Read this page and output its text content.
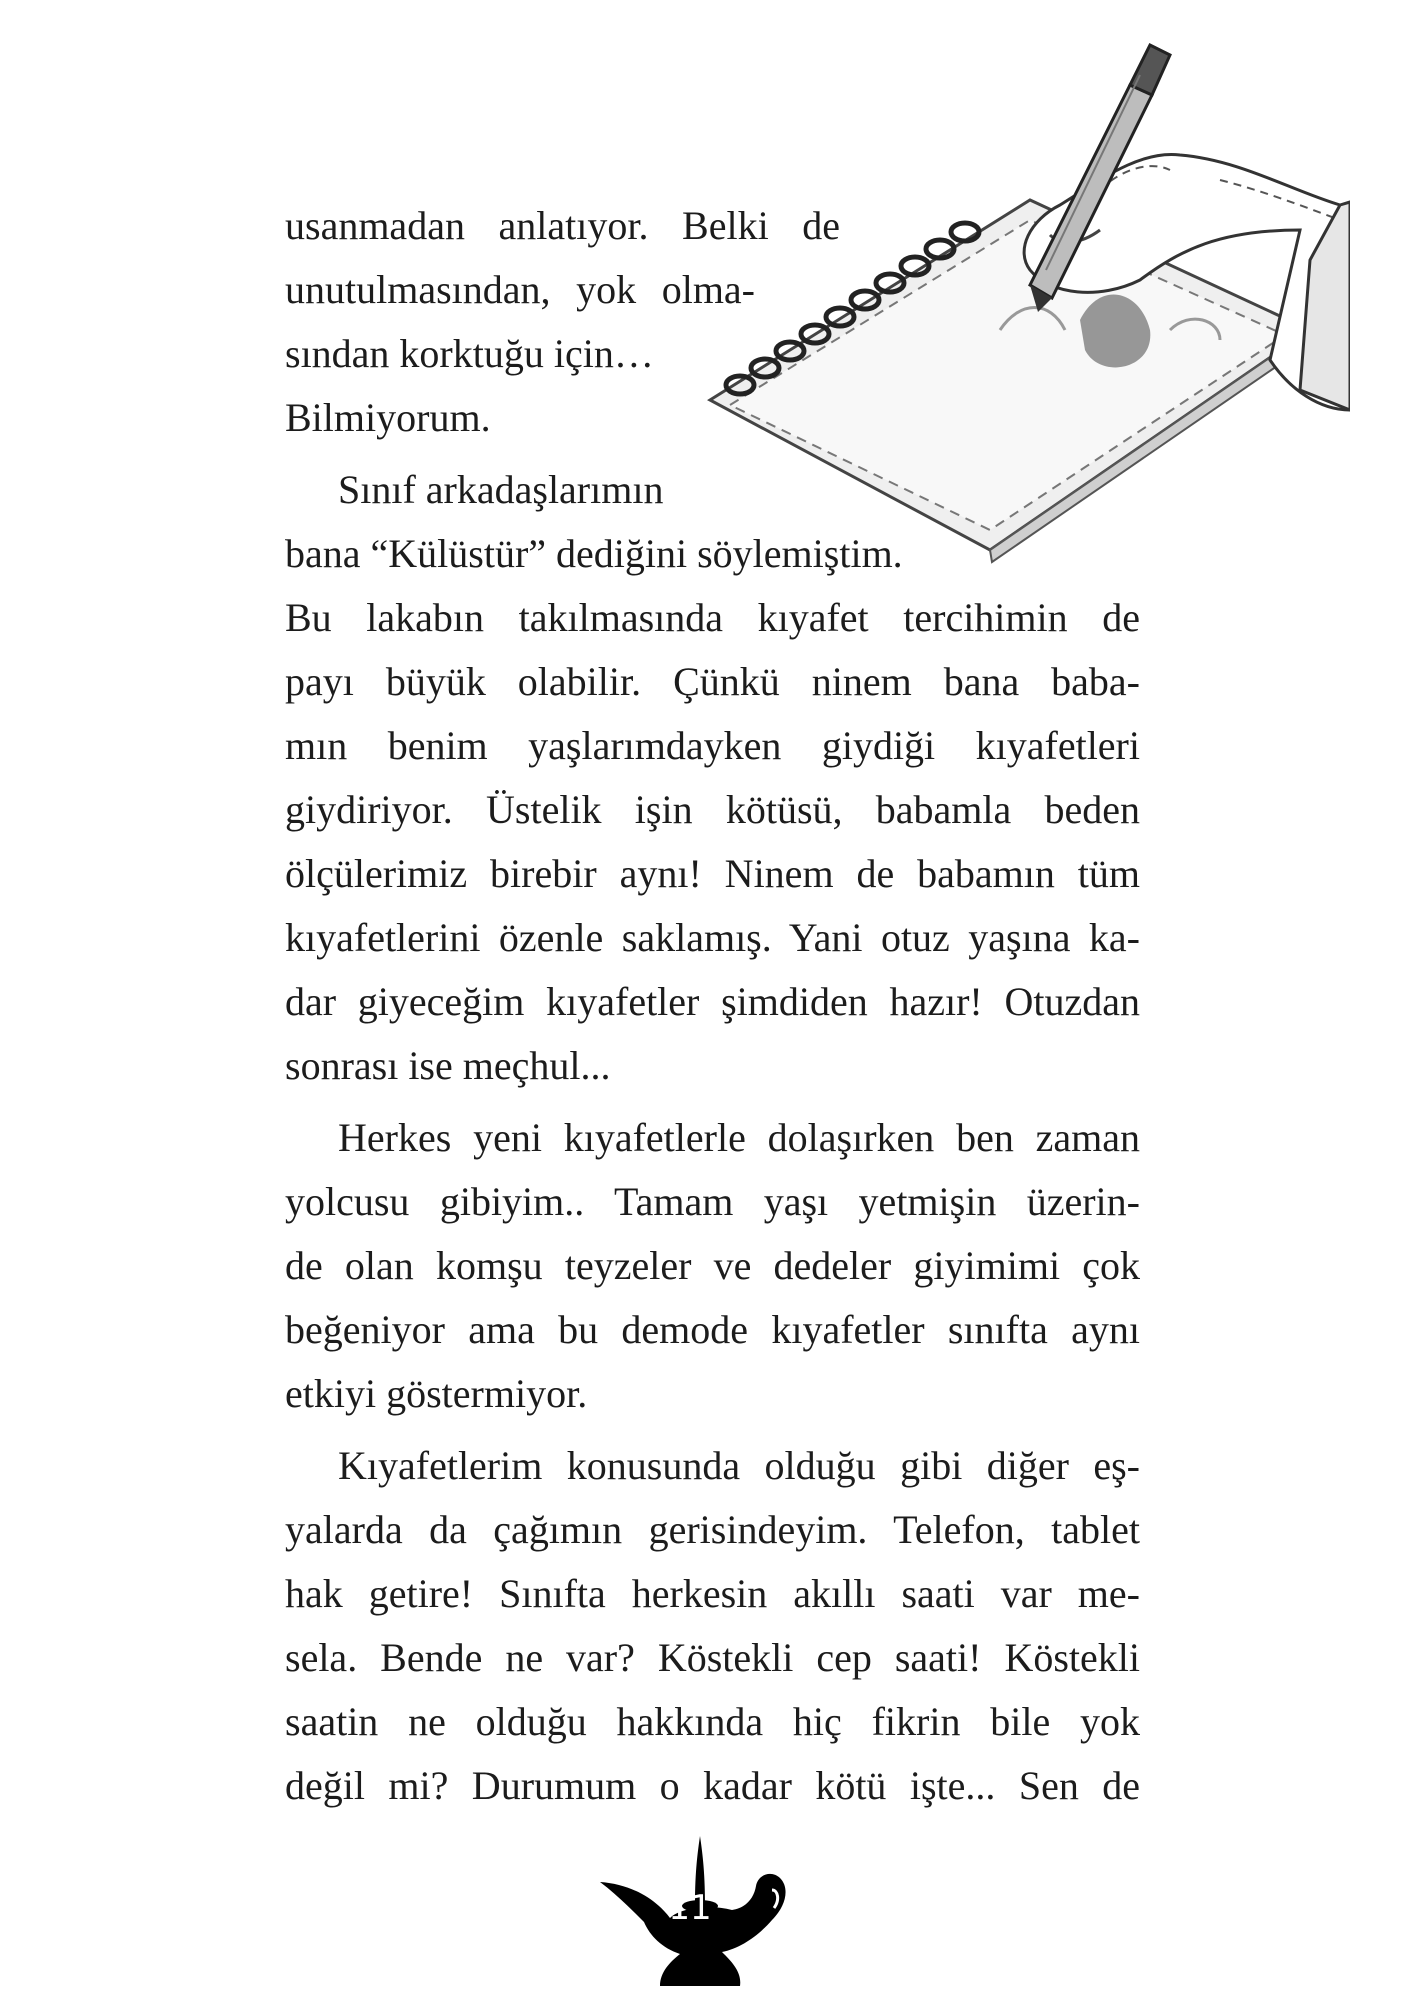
usanmadan anlatıyor. Belki de
unutulmasından, yok olma-
sından korktuğu için…
Bilmiyorum.
Sınıf arkadaşlarımın
bana “Külüstür” dediğini söylemiştim.
Bu lakabın takılmasında kıyafet tercihimin de
payı büyük olabilir. Çünkü ninem bana baba-
mın benim yaşlarımdayken giydiği kıyafetleri
giydiriyor. Üstelik işin kötüsü, babamla beden
ölçülerimiz birebir aynı! Ninem de babamın tüm
kıyafetlerini özenle saklamış. Yani otuz yaşına ka-
dar giyeceğim kıyafetler şimdiden hazır! Otuzdan
sonrası ise meçhul...
Herkes yeni kıyafetlerle dolaşırken ben zaman
yolcusu gibiyim.. Tamam yaşı yetmişin üzerin-
de olan komşu teyzeler ve dedeler giyimimi çok
beğeniyor ama bu demode kıyafetler sınıfta aynı
etkiyi göstermiyor.
Kıyafetlerim konusunda olduğu gibi diğer eş-
yalarda da çağımın gerisindeyim. Telefon, tablet
hak getire! Sınıfta herkesin akıllı saati var me-
sela. Bende ne var? Köstekli cep saati! Köstekli
saatin ne olduğu hakkında hiç fikrin bile yok
değil mi? Durumum o kadar kötü işte... Sen de
11
